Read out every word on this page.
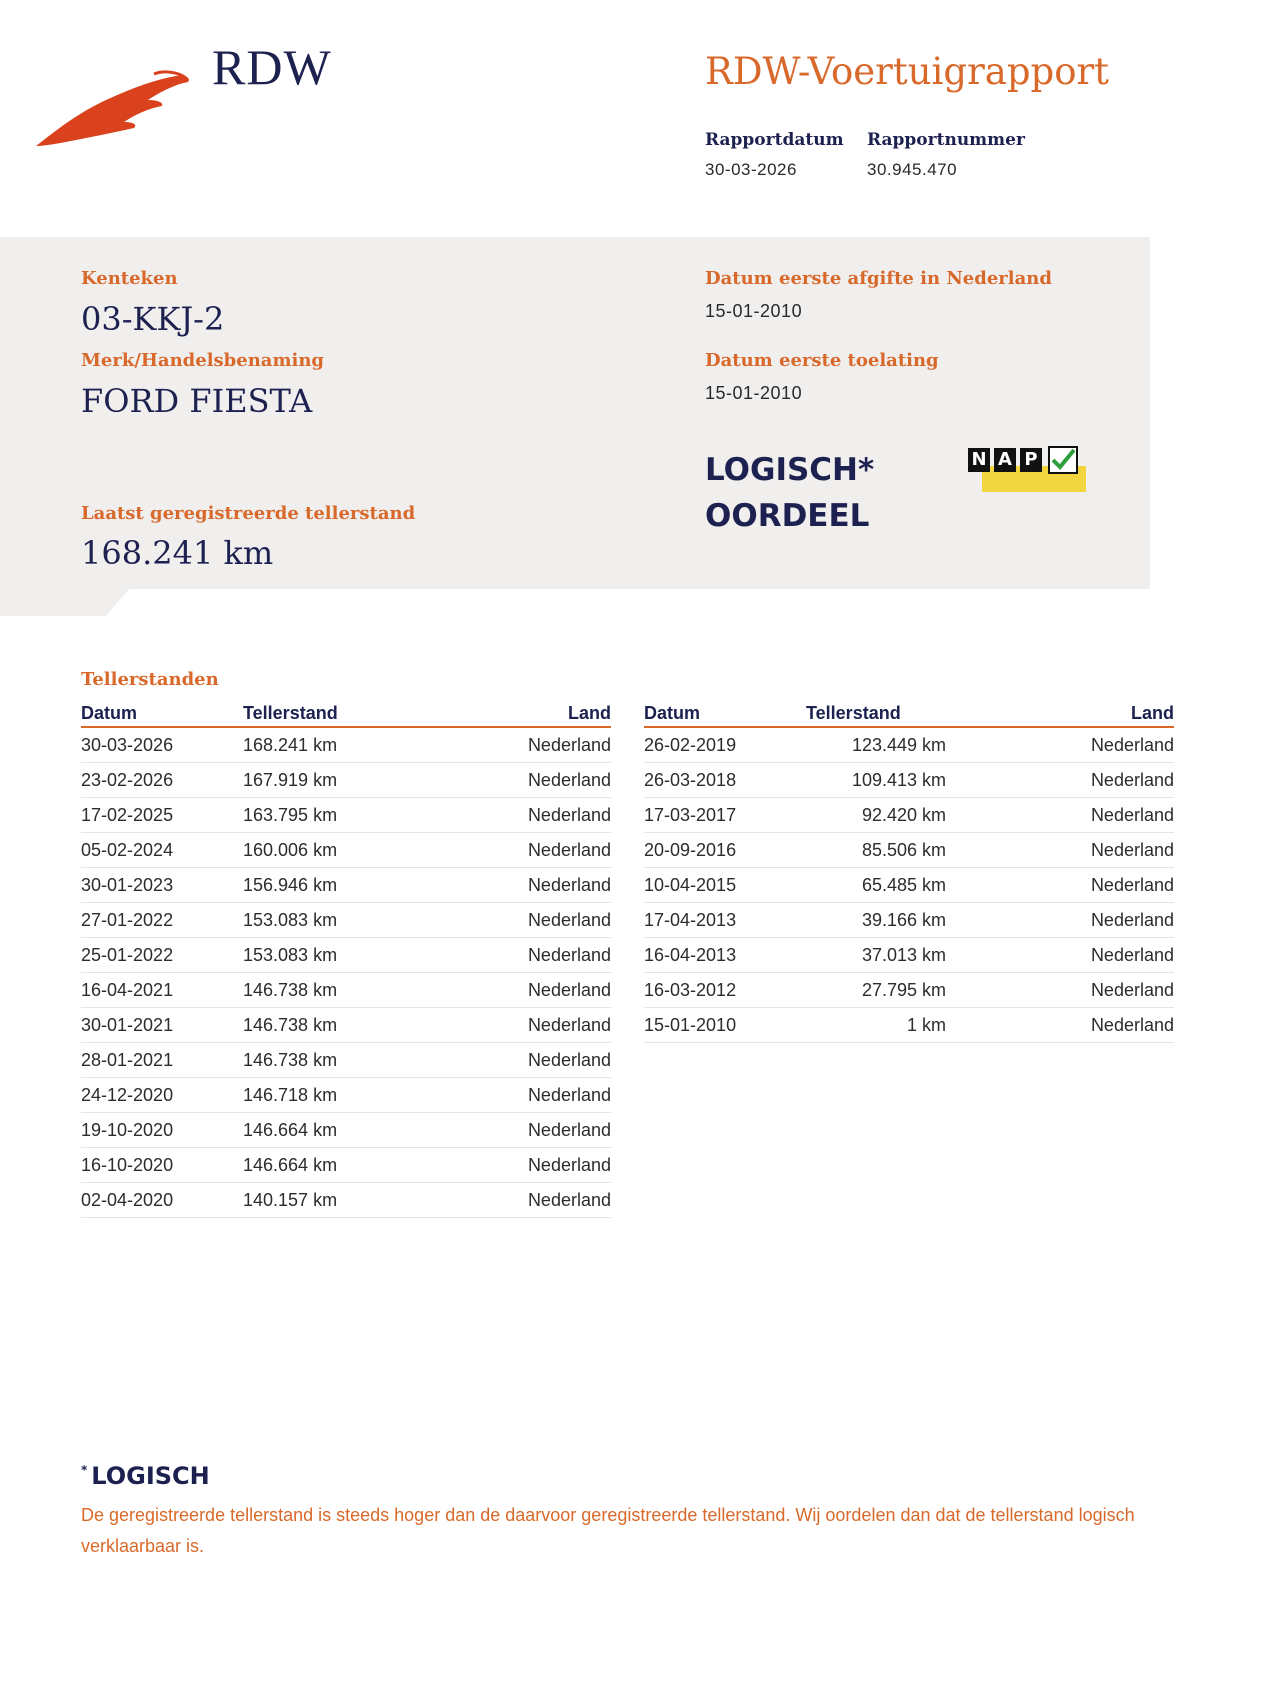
RDW	RDW-Voertuigrapport
Rapportdatum
30-03-2026
Rapportnummer
30.945.470
Kenteken
03-KKJ-2
Merk/Handelsbenaming
FORD FIESTA
Laatst geregistreerde tellerstand
168.241 km
Datum eerste afgifte in Nederland
15-01-2010
Datum eerste toelating
15-01-2010
LOGISCH*
OORDEEL
N A P
Tellerstanden
Datum	Tellerstand	Land
30-03-2026	168.241 km	Nederland
23-02-2026	167.919 km	Nederland
17-02-2025	163.795 km	Nederland
05-02-2024	160.006 km	Nederland
30-01-2023	156.946 km	Nederland
27-01-2022	153.083 km	Nederland
25-01-2022	153.083 km	Nederland
16-04-2021	146.738 km	Nederland
30-01-2021	146.738 km	Nederland
28-01-2021	146.738 km	Nederland
24-12-2020	146.718 km	Nederland
19-10-2020	146.664 km	Nederland
16-10-2020	146.664 km	Nederland
02-04-2020	140.157 km	Nederland
Datum	Tellerstand	Land
26-02-2019	123.449 km	Nederland
26-03-2018	109.413 km	Nederland
17-03-2017	92.420 km	Nederland
20-09-2016	85.506 km	Nederland
10-04-2015	65.485 km	Nederland
17-04-2013	39.166 km	Nederland
16-04-2013	37.013 km	Nederland
16-03-2012	27.795 km	Nederland
15-01-2010	1 km	Nederland
* LOGISCH
De geregistreerde tellerstand is steeds hoger dan de daarvoor geregistreerde tellerstand. Wij oordelen dan dat de tellerstand logisch verklaarbaar is.
